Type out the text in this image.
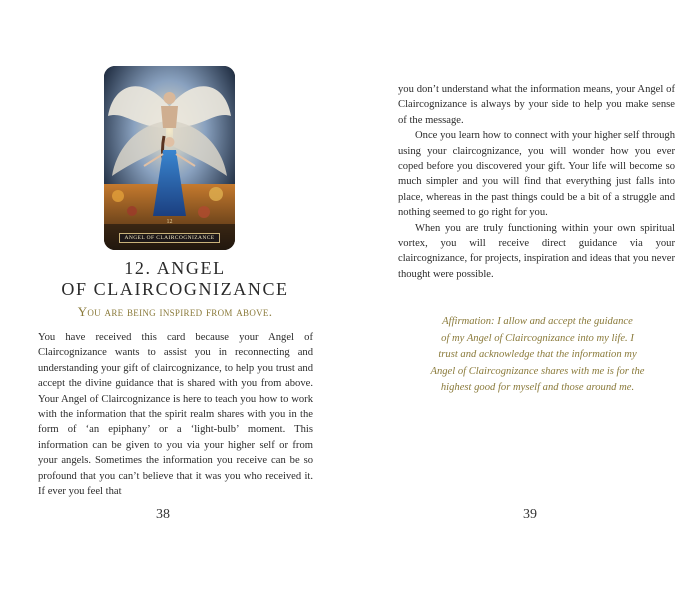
12
ANGEL OF CLAIRCOGNIZANCE
12. ANGEL
OF CLAIRCOGNIZANCE
You are being inspired from above.

You have received this card because your Angel of Claircognizance wants to assist you in reconnecting and understanding your gift of claircognizance, to help you trust and accept the divine guidance that is shared with you from above. Your Angel of Claircognizance is here to teach you how to work with the information that the spirit realm shares with you in the form of ‘an epiphany’ or a ‘light-bulb’ moment. This information can be given to you via your higher self or from your angels. Sometimes the information you receive can be so profound that you can’t believe that it was you who received it. If ever you feel that

38

you don’t understand what the information means, your Angel of Claircognizance is always by your side to help you make sense of the message.

Once you learn how to connect with your higher self through using your claircognizance, you will wonder how you ever coped before you discovered your gift. Your life will become so much simpler and you will find that everything just falls into place, whereas in the past things could be a bit of a struggle and nothing seemed to go right for you.

When you are truly functioning within your own spiritual vortex, you will receive direct guidance via your claircognizance, for projects, inspiration and ideas that you never thought were possible.

Affirmation: I allow and accept the guidance
of my Angel of Claircognizance into my life. I
trust and acknowledge that the information my
Angel of Claircognizance shares with me is for the
highest good for myself and those around me.
39
